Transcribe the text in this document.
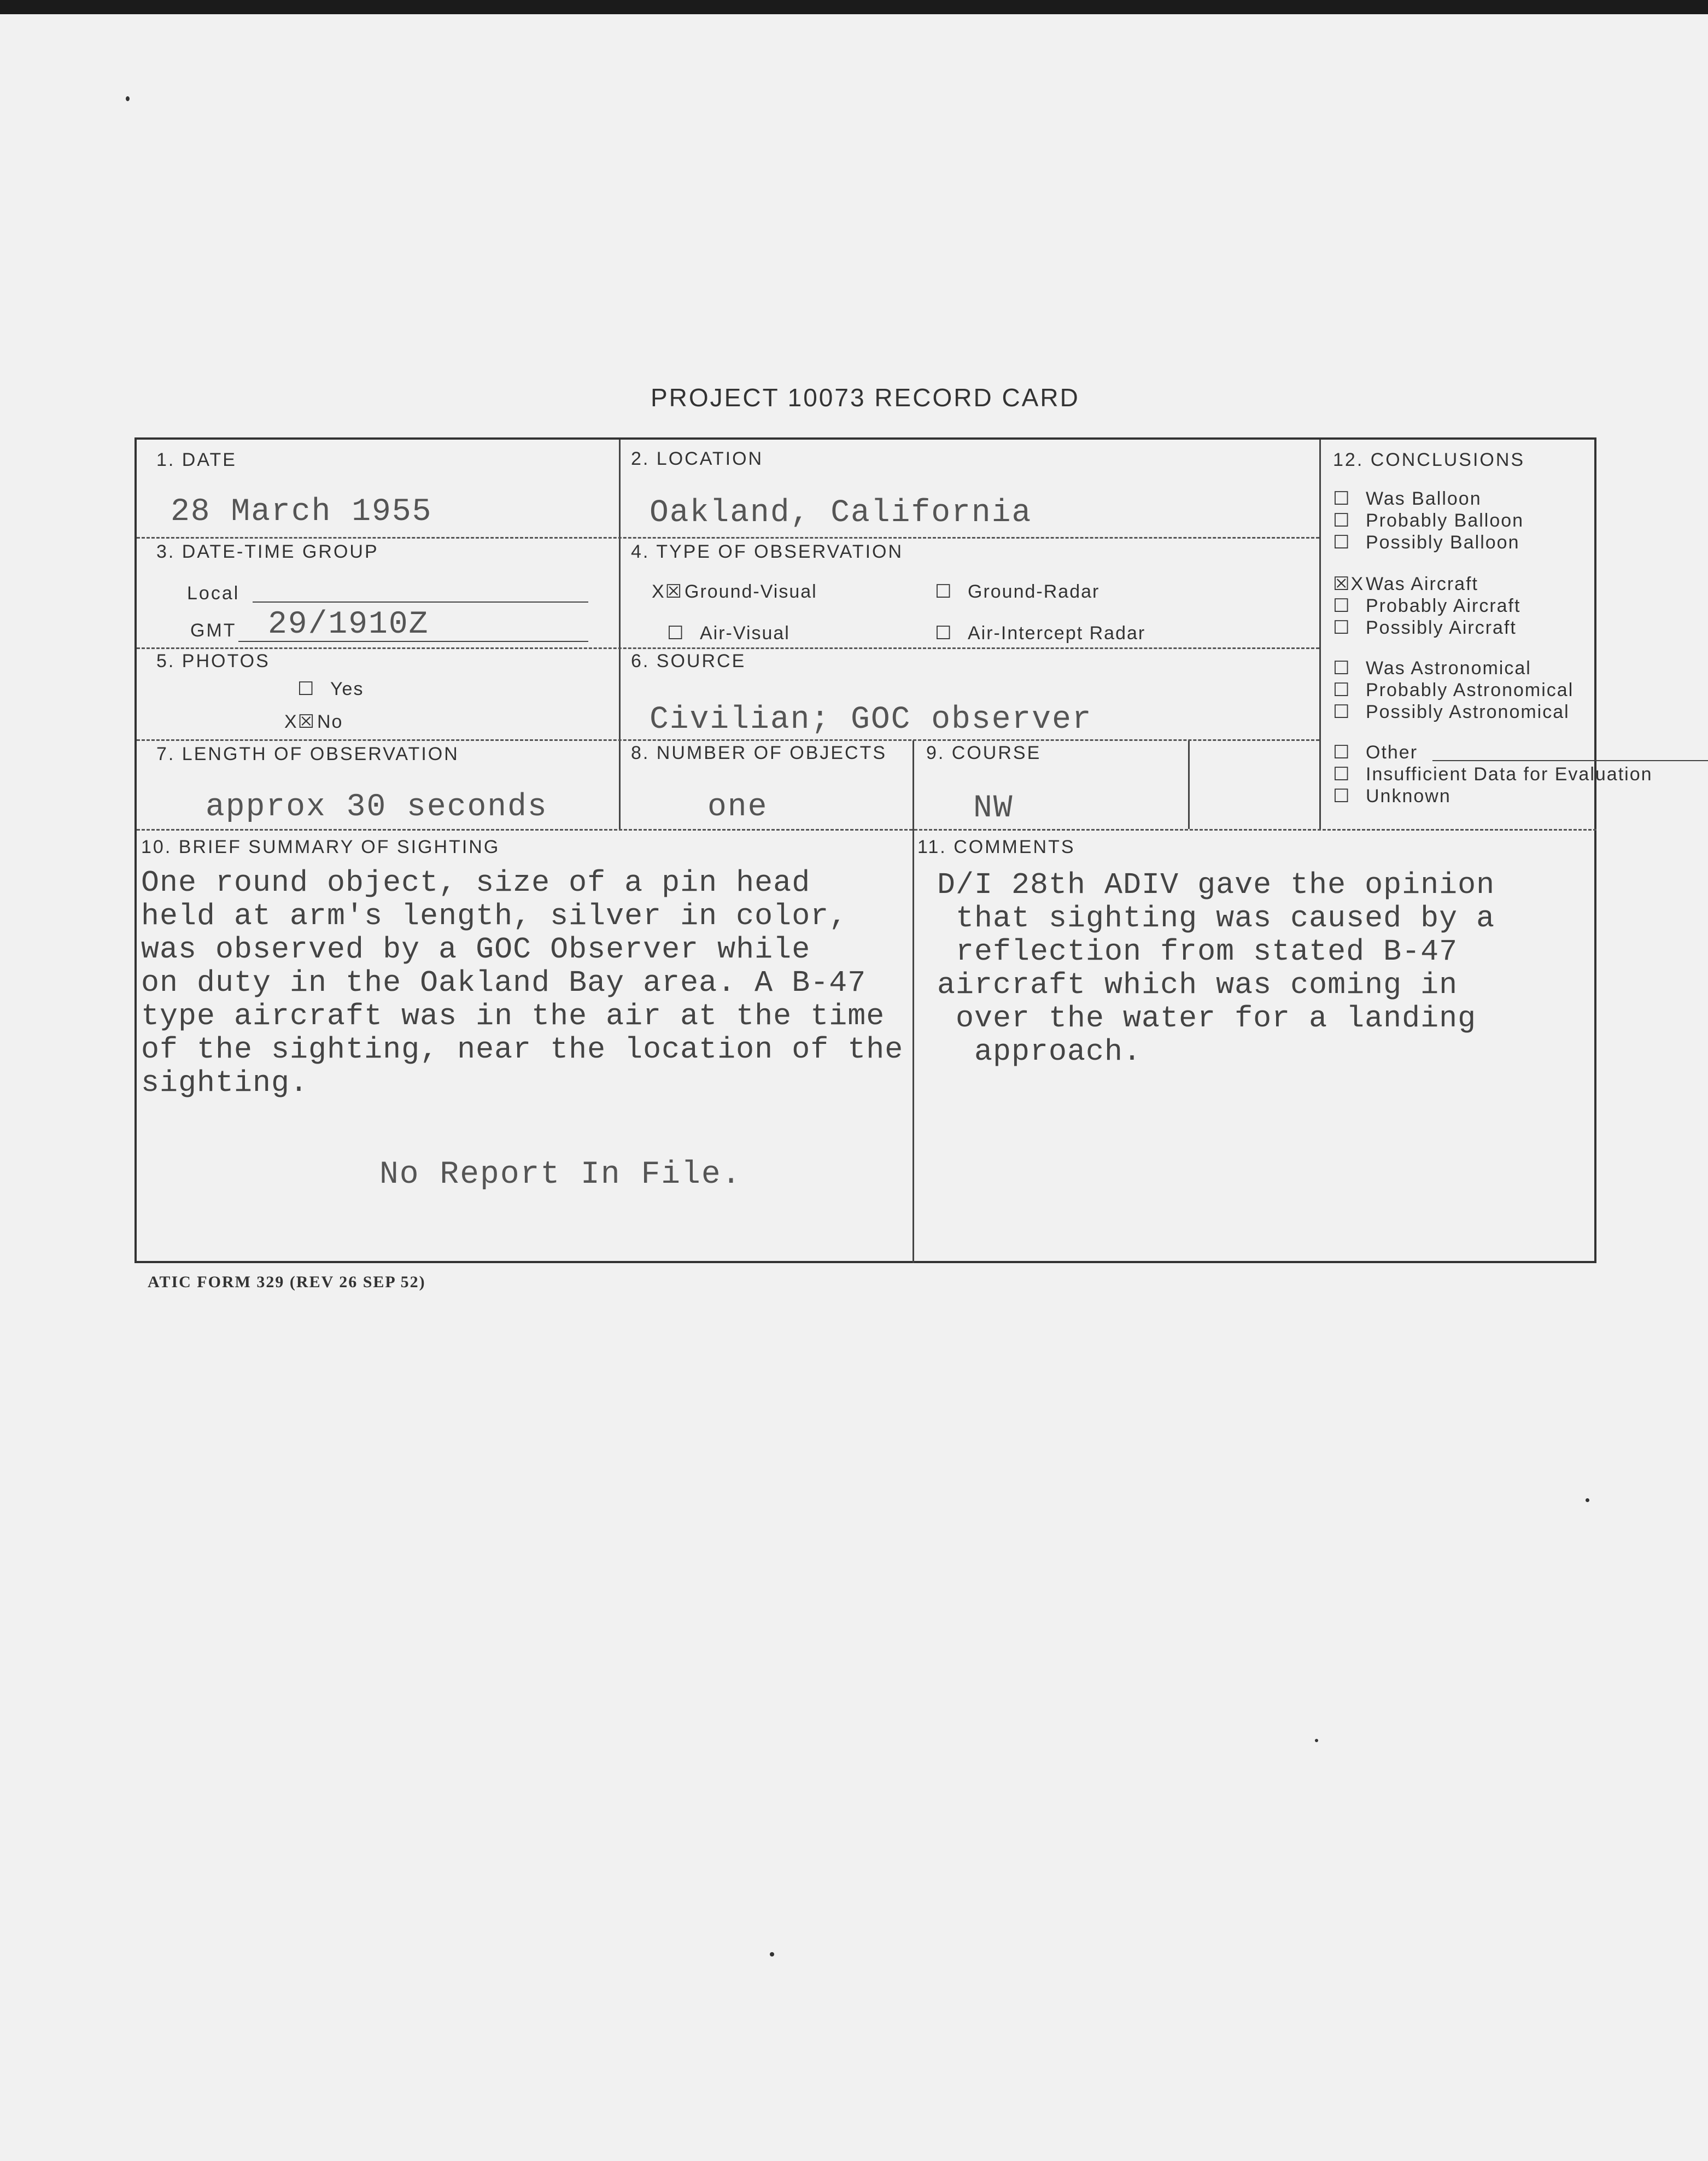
PROJECT 10073 RECORD CARD
1. DATE
28 March 1955
2. LOCATION
Oakland, California
3. DATE-TIME GROUP
Local
GMT 29/1910Z
4. TYPE OF OBSERVATION
X☒Ground-Visual	☐ Ground-Radar
☐ Air-Visual	☐ Air-Intercept Radar
5. PHOTOS
☐ Yes
X☒No
6. SOURCE
Civilian; GOC observer
7. LENGTH OF OBSERVATION
approx 30 seconds
8. NUMBER OF OBJECTS
one
9. COURSE
NW
10. BRIEF SUMMARY OF SIGHTING
One round object, size of a pin head
held at arm's length, silver in color,
was observed by a GOC Observer while
on duty in the Oakland Bay area. A B-47
type aircraft was in the air at the time
of the sighting, near the location of the
sighting.
No Report In File.
11. COMMENTS
D/I 28th ADIV gave the opinion
that sighting was caused by a
reflection from stated B-47
aircraft which was coming in
over the water for a landing
approach.
12. CONCLUSIONS
☐ Was Balloon
☐ Probably Balloon
☐ Possibly Balloon
☒XWas Aircraft
☐ Probably Aircraft
☐ Possibly Aircraft
☐ Was Astronomical
☐ Probably Astronomical
☐ Possibly Astronomical
☐ Other
☐ Insufficient Data for Evaluation
☐ Unknown
ATIC FORM 329 (REV 26 SEP 52)
